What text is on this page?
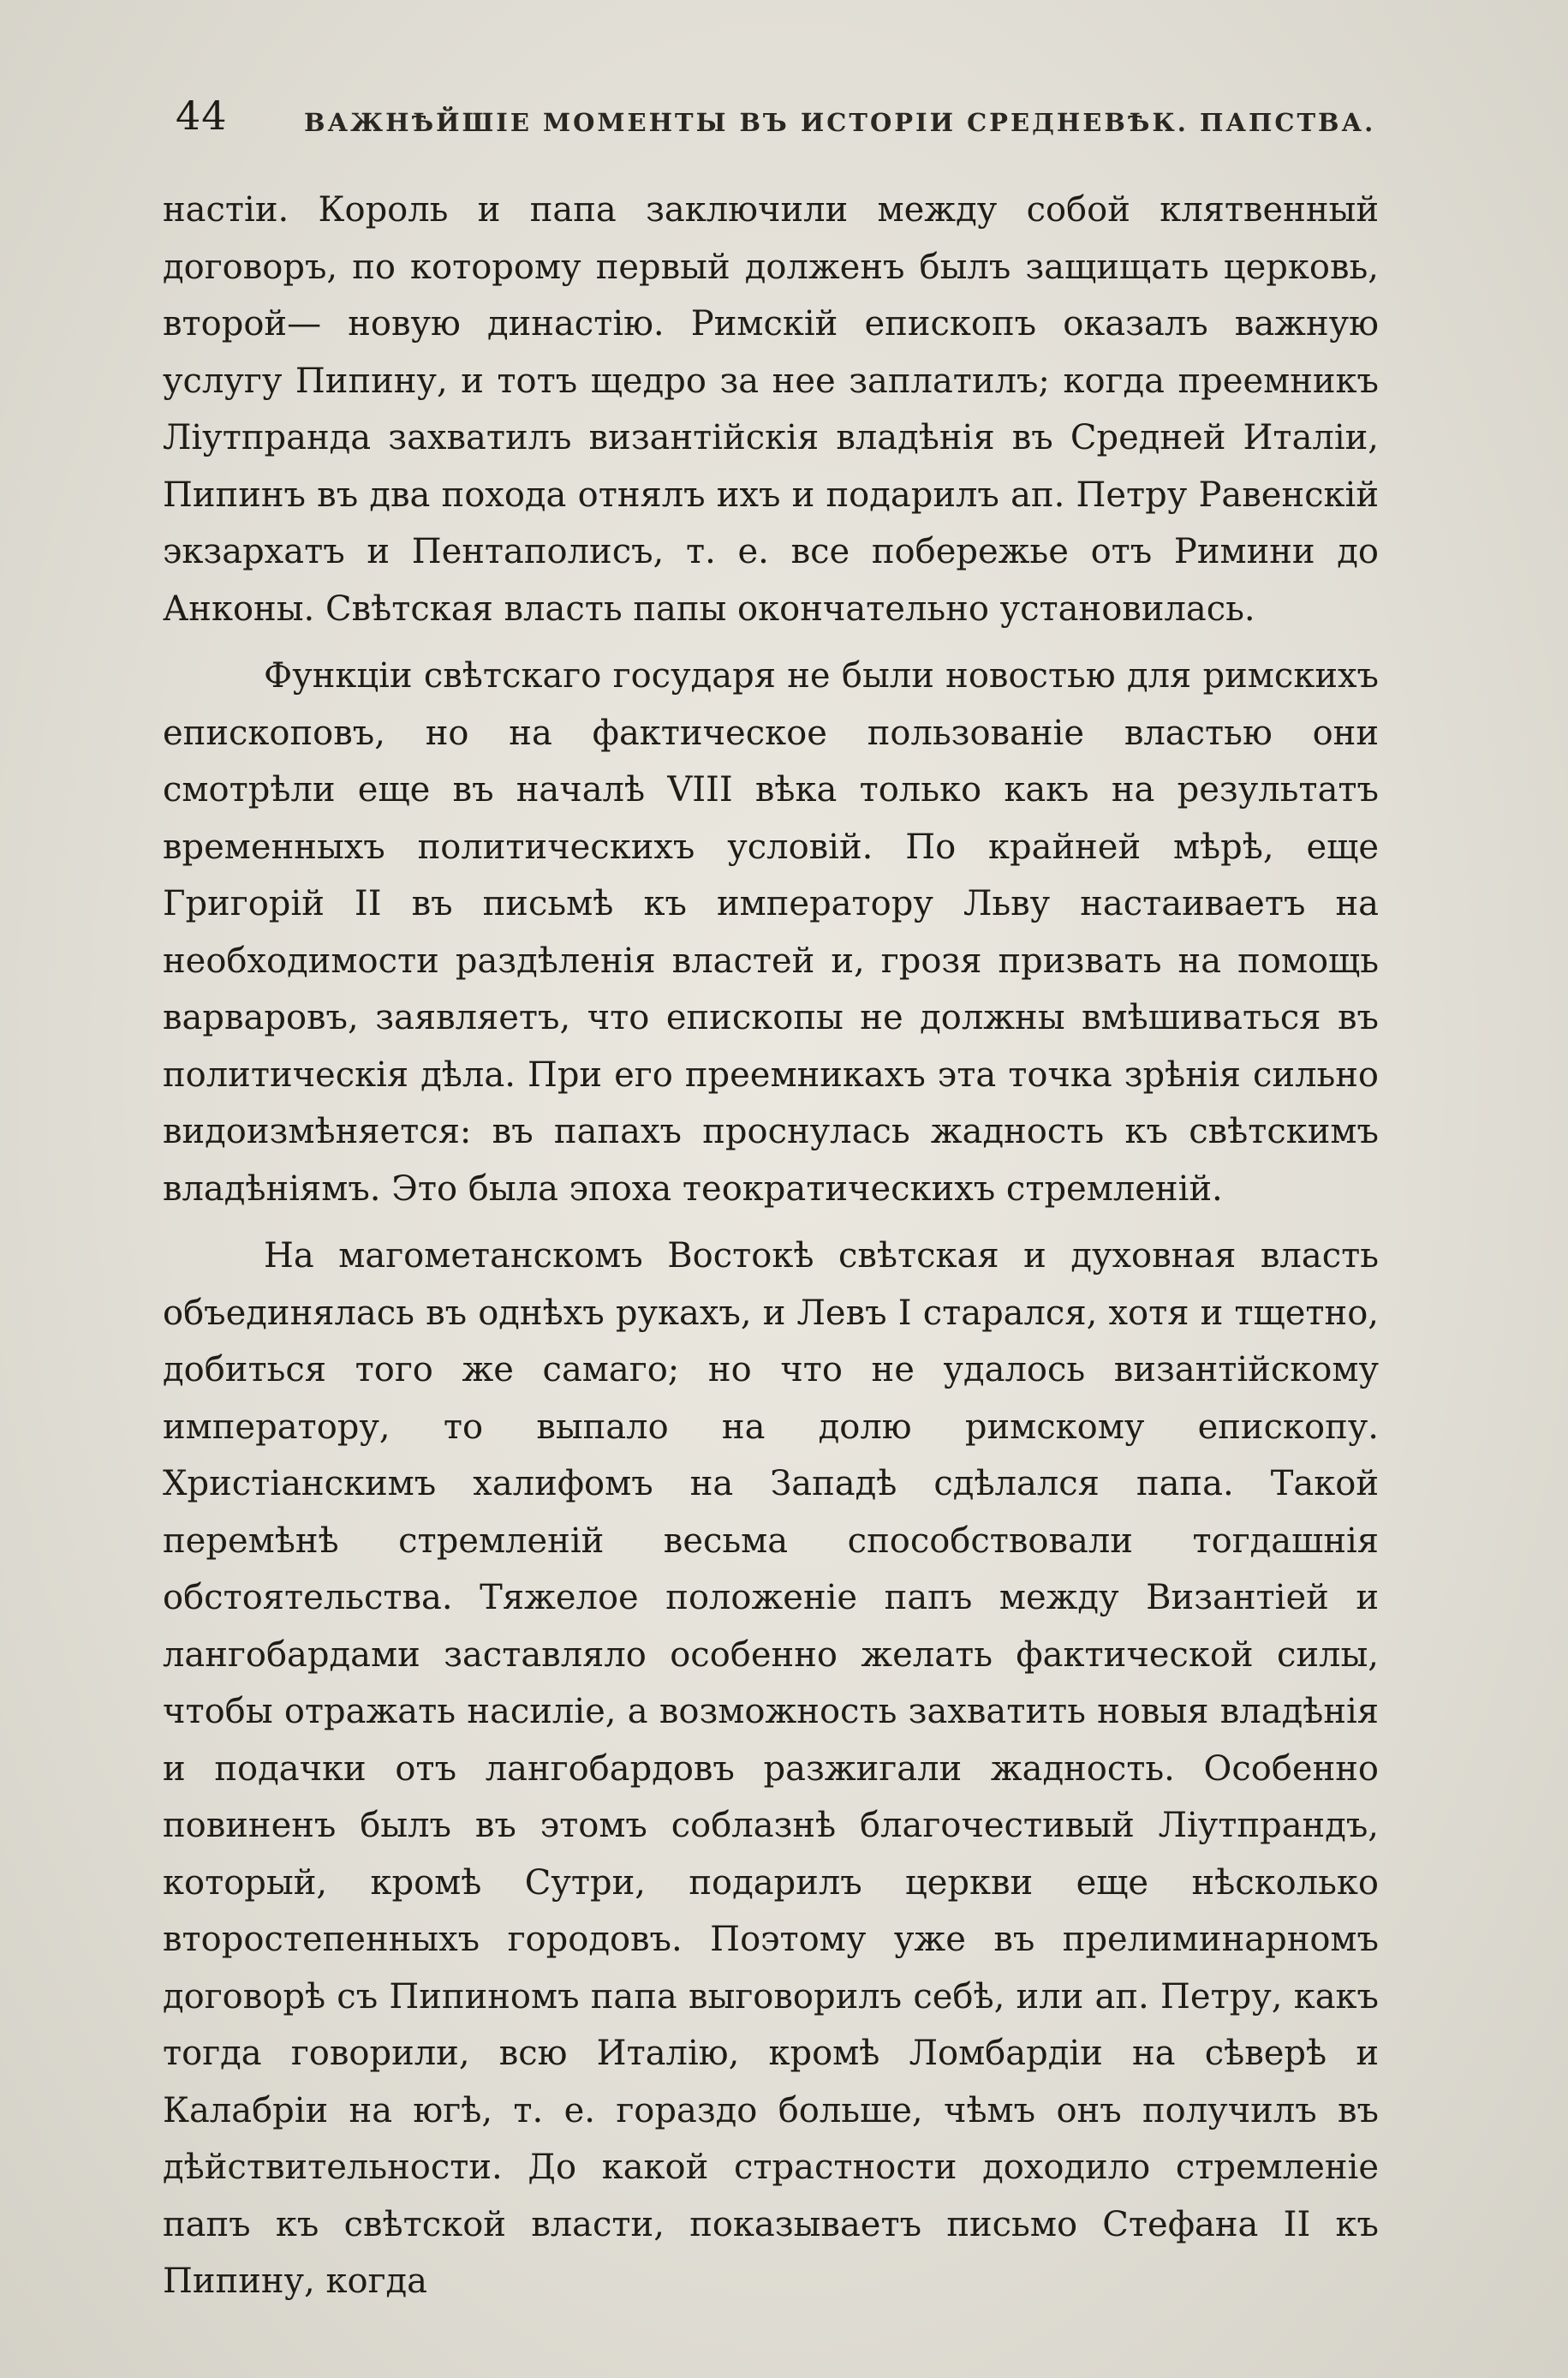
44	ВАЖНѢЙШІЕ МОМЕНТЫ ВЪ ИСТОРІИ СРЕДНЕВѢК. ПАПСТВА.

настіи. Король и папа заключили между собой клятвенный договоръ, по которому первый долженъ былъ защищать церковь, второй— новую династію. Римскій епископъ оказалъ важную услугу Пипину, и тотъ щедро за нее заплатилъ; когда преемникъ Ліутпранда захватилъ византійскія владѣнія въ Средней Италіи, Пипинъ въ два похода отнялъ ихъ и подарилъ ап. Петру Равенскій экзархатъ и Пентаполисъ, т. е. все побережье отъ Римини до Анконы. Свѣтская власть папы окончательно установилась.

Функціи свѣтскаго государя не были новостью для римскихъ епископовъ, но на фактическое пользованіе властью они смотрѣли еще въ началѣ VIII вѣка только какъ на результатъ временныхъ политическихъ условій. По крайней мѣрѣ, еще Григорій II въ письмѣ къ императору Льву настаиваетъ на необходимости раздѣленія властей и, грозя призвать на помощь варваровъ, заявляетъ, что епископы не должны вмѣшиваться въ политическія дѣла. При его преемникахъ эта точка зрѣнія сильно видоизмѣняется: въ папахъ проснулась жадность къ свѣтскимъ владѣніямъ. Это была эпоха теократическихъ стремленій.

На магометанскомъ Востокѣ свѣтская и духовная власть объединялась въ однѣхъ рукахъ, и Левъ I старался, хотя и тщетно, добиться того же самаго; но что не удалось византійскому императору, то выпало на долю римскому епископу. Христіанскимъ халифомъ на Западѣ сдѣлался папа. Такой перемѣнѣ стремленій весьма способствовали тогдашнія обстоятельства. Тяжелое положеніе папъ между Византіей и лангобардами заставляло особенно желать фактической силы, чтобы отражать насиліе, а возможность захватить новыя владѣнія и подачки отъ лангобардовъ разжигали жадность. Особенно повиненъ былъ въ этомъ соблазнѣ благочестивый Ліутпрандъ, который, кромѣ Сутри, подарилъ церкви еще нѣсколько второстепенныхъ городовъ. Поэтому уже въ прелиминарномъ договорѣ съ Пипиномъ папа выговорилъ себѣ, или ап. Петру, какъ тогда говорили, всю Италію, кромѣ Ломбардіи на сѣверѣ и Калабріи на югѣ, т. е. гораздо больше, чѣмъ онъ получилъ въ дѣйствительности. До какой страстности доходило стремленіе папъ къ свѣтской власти, показываетъ письмо Стефана II къ Пипину, когда
